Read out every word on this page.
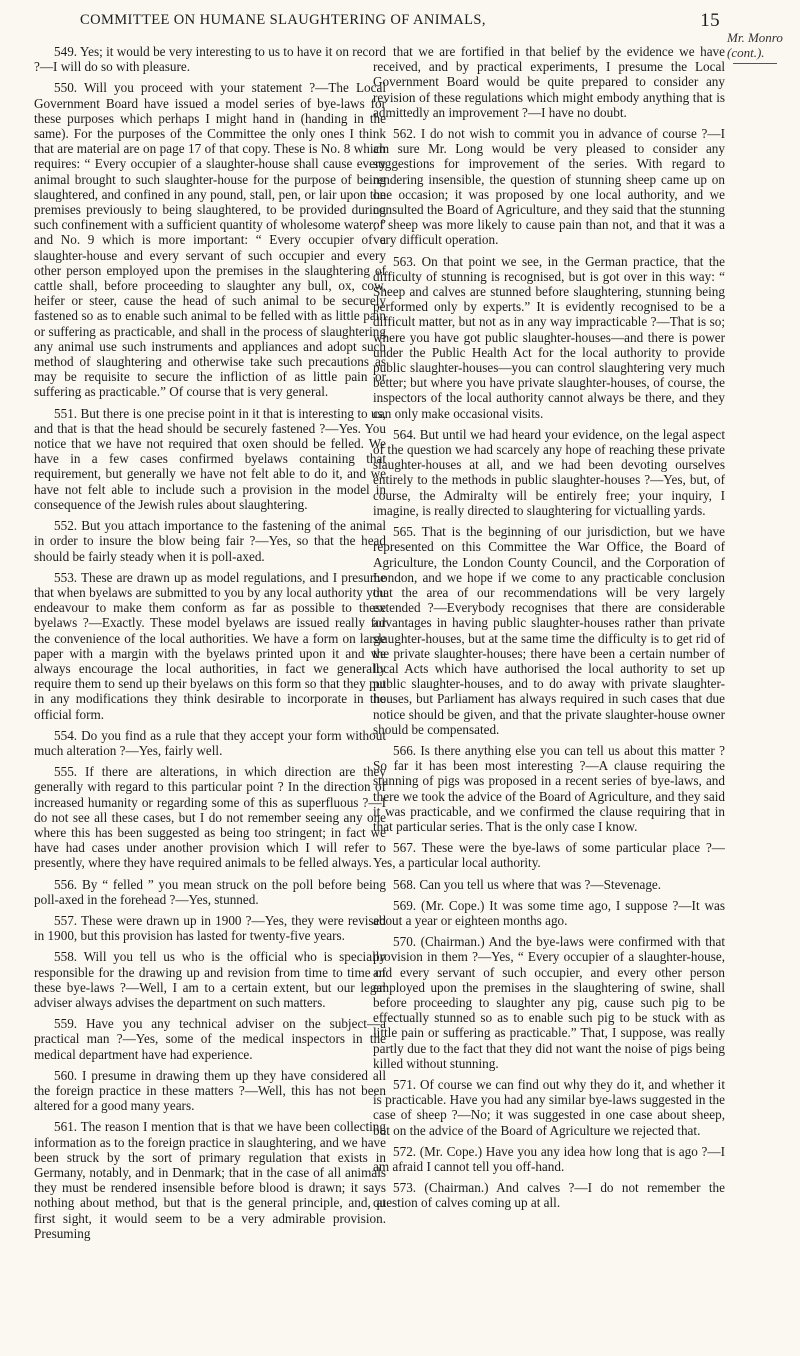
COMMITTEE ON HUMANE SLAUGHTERING OF ANIMALS,	15
Mr. Monro
(cont.).

549. Yes; it would be very interesting to us to have it on record ?—I will do so with pleasure.

550. Will you proceed with your statement ?—The Local Government Board have issued a model series of bye-laws for these purposes which perhaps I might hand in (handing in the same). For the purposes of the Committee the only ones I think that are material are on page 17 of that copy. These is No. 8 which requires: “ Every occupier of a slaughter-house shall cause every animal brought to such slaughter-house for the purpose of being slaughtered, and confined in any pound, stall, pen, or lair upon the premises previously to being slaughtered, to be provided during such confinement with a sufficient quantity of wholesome water; ” and No. 9 which is more important: “ Every occupier of a slaughter-house and every servant of such occupier and every other person employed upon the premises in the slaughtering of cattle shall, before proceeding to slaughter any bull, ox, cow, heifer or steer, cause the head of such animal to be securely fastened so as to enable such animal to be felled with as little pain or suffering as practicable, and shall in the process of slaughtering any animal use such instruments and appliances and adopt such method of slaughtering and otherwise take such precautions as may be requisite to secure the infliction of as little pain or suffering as practicable.” Of course that is very general.

551. But there is one precise point in it that is interesting to us, and that is that the head should be securely fastened ?—Yes. You notice that we have not required that oxen should be felled. We have in a few cases confirmed byelaws containing that requirement, but generally we have not felt able to do it, and we have not felt able to include such a provision in the model in consequence of the Jewish rules about slaughtering.

552. But you attach importance to the fastening of the animal in order to insure the blow being fair ?—Yes, so that the head should be fairly steady when it is poll-axed.

553. These are drawn up as model regulations, and I presume that when byelaws are submitted to you by any local authority you endeavour to make them conform as far as possible to these byelaws ?—Exactly. These model byelaws are issued really for the convenience of the local authorities. We have a form on large paper with a margin with the byelaws printed upon it and we always encourage the local authorities, in fact we generally require them to send up their byelaws on this form so that they put in any modifications they think desirable to incorporate in the official form.

554. Do you find as a rule that they accept your form without much alteration ?—Yes, fairly well.

555. If there are alterations, in which direction are they generally with regard to this particular point ? In the direction of increased humanity or regarding some of this as superfluous ?—I do not see all these cases, but I do not remember seeing any one where this has been suggested as being too stringent; in fact we have had cases under another provision which I will refer to presently, where they have required animals to be felled always.

556. By “ felled ” you mean struck on the poll before being poll-axed in the forehead ?—Yes, stunned.

557. These were drawn up in 1900 ?—Yes, they were revised in 1900, but this provision has lasted for twenty-five years.

558. Will you tell us who is the official who is specially responsible for the drawing up and revision from time to time of these bye-laws ?—Well, I am to a certain extent, but our legal adviser always advises the department on such matters.

559. Have you any technical adviser on the subject—a practical man ?—Yes, some of the medical inspectors in the medical department have had experience.

560. I presume in drawing them up they have considered all the foreign practice in these matters ?—Well, this has not been altered for a good many years.

561. The reason I mention that is that we have been collecting information as to the foreign practice in slaughtering, and we have been struck by the sort of primary regulation that exists in Germany, notably, and in Denmark; that in the case of all animals they must be rendered insensible before blood is drawn; it says nothing about method, but that is the general principle, and, at first sight, it would seem to be a very admirable provision. Presuming

that we are fortified in that belief by the evidence we have received, and by practical experiments, I presume the Local Government Board would be quite prepared to consider any revision of these regulations which might embody anything that is admittedly an improvement ?—I have no doubt.

562. I do not wish to commit you in advance of course ?—I am sure Mr. Long would be very pleased to consider any suggestions for improvement of the series. With regard to rendering insensible, the question of stunning sheep came up on one occasion; it was proposed by one local authority, and we consulted the Board of Agriculture, and they said that the stunning of sheep was more likely to cause pain than not, and that it was a very difficult operation.

563. On that point we see, in the German practice, that the difficulty of stunning is recognised, but is got over in this way: “ Sheep and calves are stunned before slaughtering, stunning being performed only by experts.” It is evidently recognised to be a difficult matter, but not as in any way impracticable ?—That is so; where you have got public slaughter-houses—and there is power under the Public Health Act for the local authority to provide public slaughter-houses—you can control slaughtering very much better; but where you have private slaughter-houses, of course, the inspectors of the local authority cannot always be there, and they can only make occasional visits.

564. But until we had heard your evidence, on the legal aspect of the question we had scarcely any hope of reaching these private slaughter-houses at all, and we had been devoting ourselves entirely to the methods in public slaughter-houses ?—Yes, but, of course, the Admiralty will be entirely free; your inquiry, I imagine, is really directed to slaughtering for victualling yards.

565. That is the beginning of our jurisdiction, but we have represented on this Committee the War Office, the Board of Agriculture, the London County Council, and the Corporation of London, and we hope if we come to any practicable conclusion that the area of our recommendations will be very largely extended ?—Everybody recognises that there are considerable advantages in having public slaughter-houses rather than private slaughter-houses, but at the same time the difficulty is to get rid of the private slaughter-houses; there have been a certain number of local Acts which have authorised the local authority to set up public slaughter-houses, and to do away with private slaughter-houses, but Parliament has always required in such cases that due notice should be given, and that the private slaughter-house owner should be compensated.

566. Is there anything else you can tell us about this matter ? So far it has been most interesting ?—A clause requiring the stunning of pigs was proposed in a recent series of bye-laws, and there we took the advice of the Board of Agriculture, and they said it was practicable, and we confirmed the clause requiring that in that particular series. That is the only case I know.

567. These were the bye-laws of some particular place ?—Yes, a particular local authority.

568. Can you tell us where that was ?—Stevenage.

569. (Mr. Cope.) It was some time ago, I suppose ?—It was about a year or eighteen months ago.

570. (Chairman.) And the bye-laws were confirmed with that provision in them ?—Yes, “ Every occupier of a slaughter-house, and every servant of such occupier, and every other person employed upon the premises in the slaughtering of swine, shall before proceeding to slaughter any pig, cause such pig to be effectually stunned so as to enable such pig to be stuck with as little pain or suffering as practicable.” That, I suppose, was really partly due to the fact that they did not want the noise of pigs being killed without stunning.

571. Of course we can find out why they do it, and whether it is practicable. Have you had any similar bye-laws suggested in the case of sheep ?—No; it was suggested in one case about sheep, but on the advice of the Board of Agriculture we rejected that.

572. (Mr. Cope.) Have you any idea how long that is ago ?—I am afraid I cannot tell you off-hand.

573. (Chairman.) And calves ?—I do not remember the question of calves coming up at all.
